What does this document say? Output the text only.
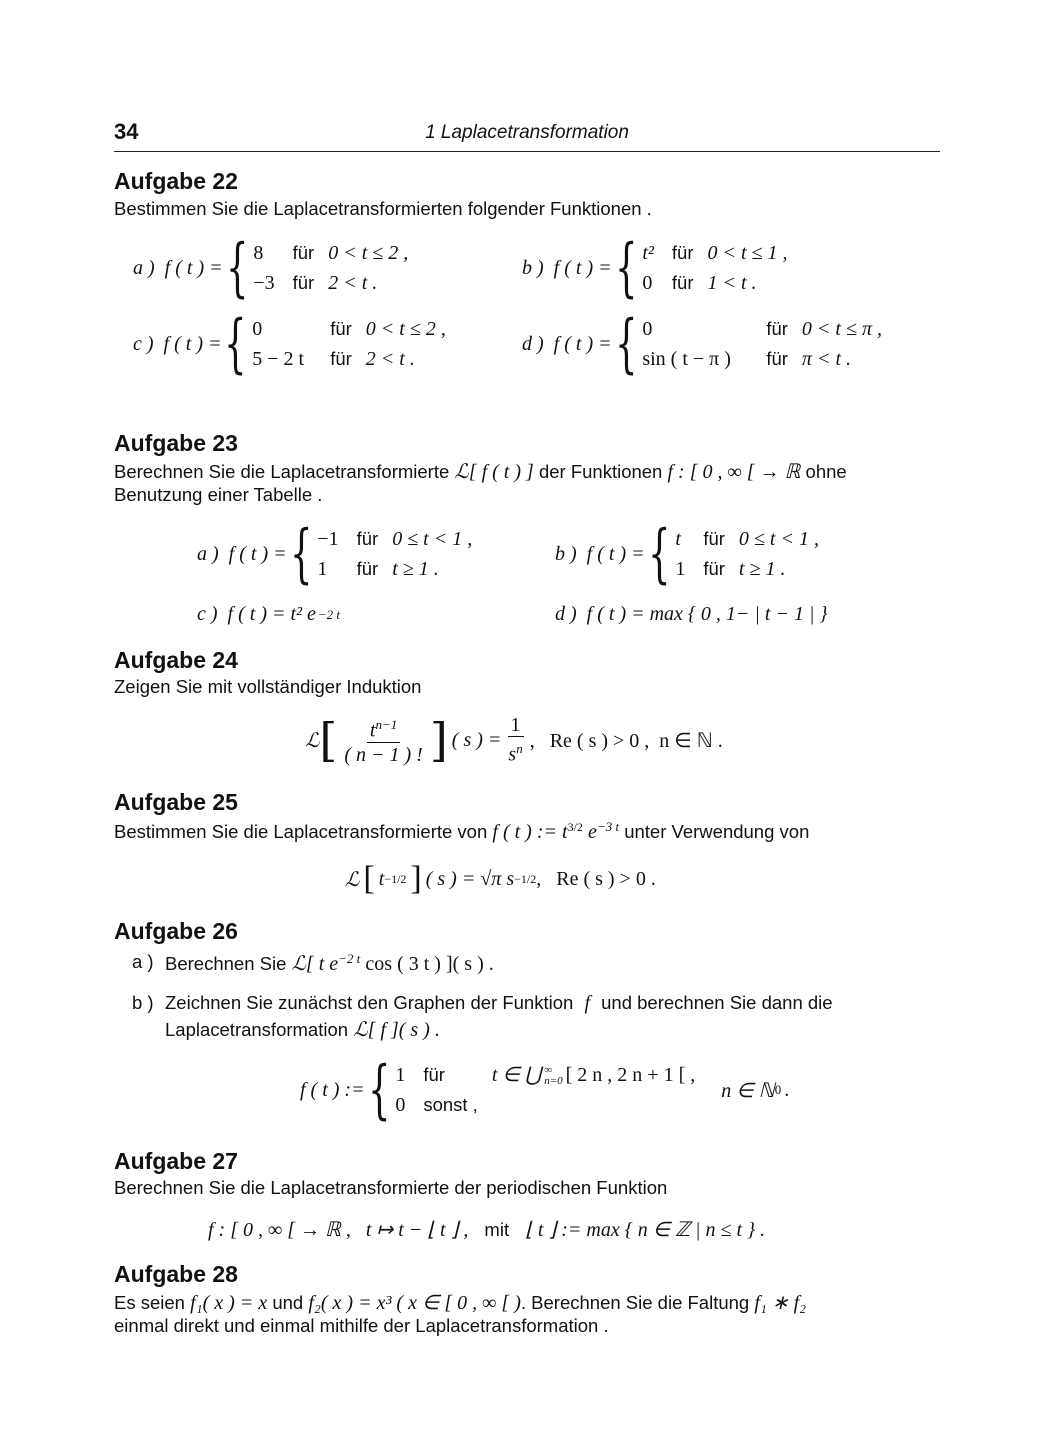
34	1 Laplacetransformation
Aufgabe 22
Bestimmen Sie die Laplacetransformierten folgender Funktionen .
a ) f ( t ) = { 8	für 0 < t ≤ 2 ,
−3 für 2 < t .
b ) f ( t ) = { t² für 0 < t ≤ 1 ,
0	für 1 < t .
c ) f ( t ) = { 0	für 0 < t ≤ 2 ,
5 − 2 t	für 2 < t .
d ) f ( t ) = { 0	für 0 < t ≤ π ,
sin ( t − π )	für π < t .
Aufgabe 23
Berechnen Sie die Laplacetransformierte ℒ[ f ( t ) ] der Funktionen f : [ 0 , ∞ [ → ℝ ohne
Benutzung einer Tabelle .
a ) f ( t ) = { −1 für 0 ≤ t < 1 ,
1	für t ≥ 1 .
b ) f ( t ) = { t	für 0 ≤ t < 1 ,
1 für t ≥ 1 .
c ) f ( t ) = t² e −2 t	d ) f ( t ) = max { 0 , 1− | t − 1 | }
Aufgabe 24
Zeigen Sie mit vollständiger Induktion
ℒ [ $\frac{t^{n-1}}{( n - 1 ) !}$ ] ( s ) = $\frac{1}{s^n}$ ,   Re ( s ) > 0 ,  n ∈ ℕ .
Aufgabe 25
Bestimmen Sie die Laplacetransformierte von f ( t ) := $t^{3/2}$ $e^{-3 t}$ unter Verwendung von
ℒ [ t −1/2 ] ( s ) = √π s −1/2 ,   Re ( s ) > 0 .
Aufgabe 26
a ) Berechnen Sie ℒ[ t $e^{-2 t}$ cos ( 3 t ) ]( s ) .
b ) Zeichnen Sie zunächst den Graphen der Funktion f und berechnen Sie dann die
Laplacetransformation ℒ[ f ]( s ) .
f ( t ) := { 1 für	t ∈ ⋃ ∞
n=0 [ 2 n , 2 n + 1 [ ,
0 sonst ,
n ∈ ℕ 0 .
Aufgabe 27
Berechnen Sie die Laplacetransformierte der periodischen Funktion
f : [ 0 , ∞ [ → ℝ ,   t ↦ t − ⌊ t ⌋ , mit ⌊ t ⌋ := max { n ∈ ℤ | n ≤ t } .
Aufgabe 28
Es seien f₁( x ) = x und f₂( x ) = x³ ( x ∈ [ 0 , ∞ [ ). Berechnen Sie die Faltung f₁ ∗ f₂
einmal direkt und einmal mithilfe der Laplacetransformation .
